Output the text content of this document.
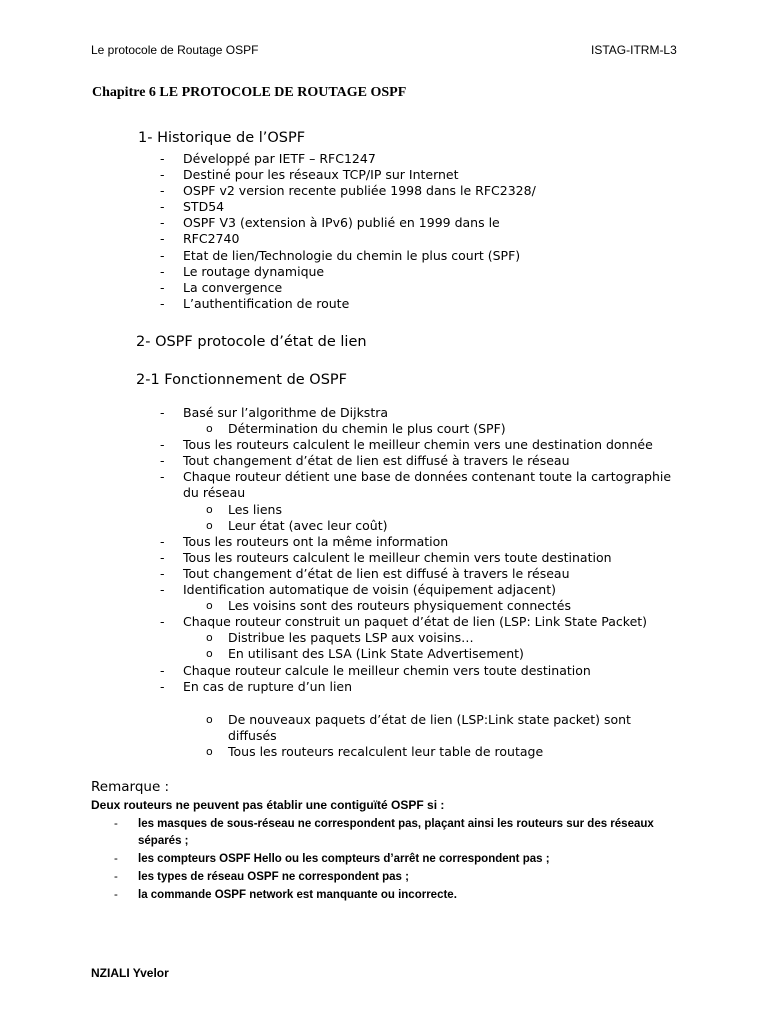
Le protocole de Routage OSPF	ISTAG-ITRM-L3
Chapitre 6 LE PROTOCOLE DE ROUTAGE OSPF
1- Historique de l’OSPF
- Développé par IETF – RFC1247
- Destiné pour les réseaux TCP/IP sur Internet
- OSPF v2 version recente publiée 1998 dans le RFC2328/
- STD54
- OSPF V3 (extension à IPv6) publié en 1999 dans le
- RFC2740
- Etat de lien/Technologie du chemin le plus court (SPF)
- Le routage dynamique
- La convergence
- L’authentification de route
2- OSPF protocole d’état de lien
2-1 Fonctionnement de OSPF
- Basé sur l’algorithme de Dijkstra
o Détermination du chemin le plus court (SPF)
- Tous les routeurs calculent le meilleur chemin vers une destination donnée
- Tout changement d’état de lien est diffusé à travers le réseau
- Chaque routeur détient une base de données contenant toute la cartographie
du réseau
o Les liens
o Leur état (avec leur coût)
- Tous les routeurs ont la même information
- Tous les routeurs calculent le meilleur chemin vers toute destination
- Tout changement d’état de lien est diffusé à travers le réseau
- Identification automatique de voisin (équipement adjacent)
o Les voisins sont des routeurs physiquement connectés
- Chaque routeur construit un paquet d’état de lien (LSP: Link State Packet)
o Distribue les paquets LSP aux voisins…
o En utilisant des LSA (Link State Advertisement)
- Chaque routeur calcule le meilleur chemin vers toute destination
- En cas de rupture d’un lien
o De nouveaux paquets d’état de lien (LSP:Link state packet) sont
diffusés
o Tous les routeurs recalculent leur table de routage
Remarque :
Deux routeurs ne peuvent pas établir une contiguïté OSPF si :
- les masques de sous-réseau ne correspondent pas, plaçant ainsi les routeurs sur des réseaux séparés ;
- les compteurs OSPF Hello ou les compteurs d’arrêt ne correspondent pas ;
- les types de réseau OSPF ne correspondent pas ;
- la commande OSPF network est manquante ou incorrecte.
NZIALI Yvelor
